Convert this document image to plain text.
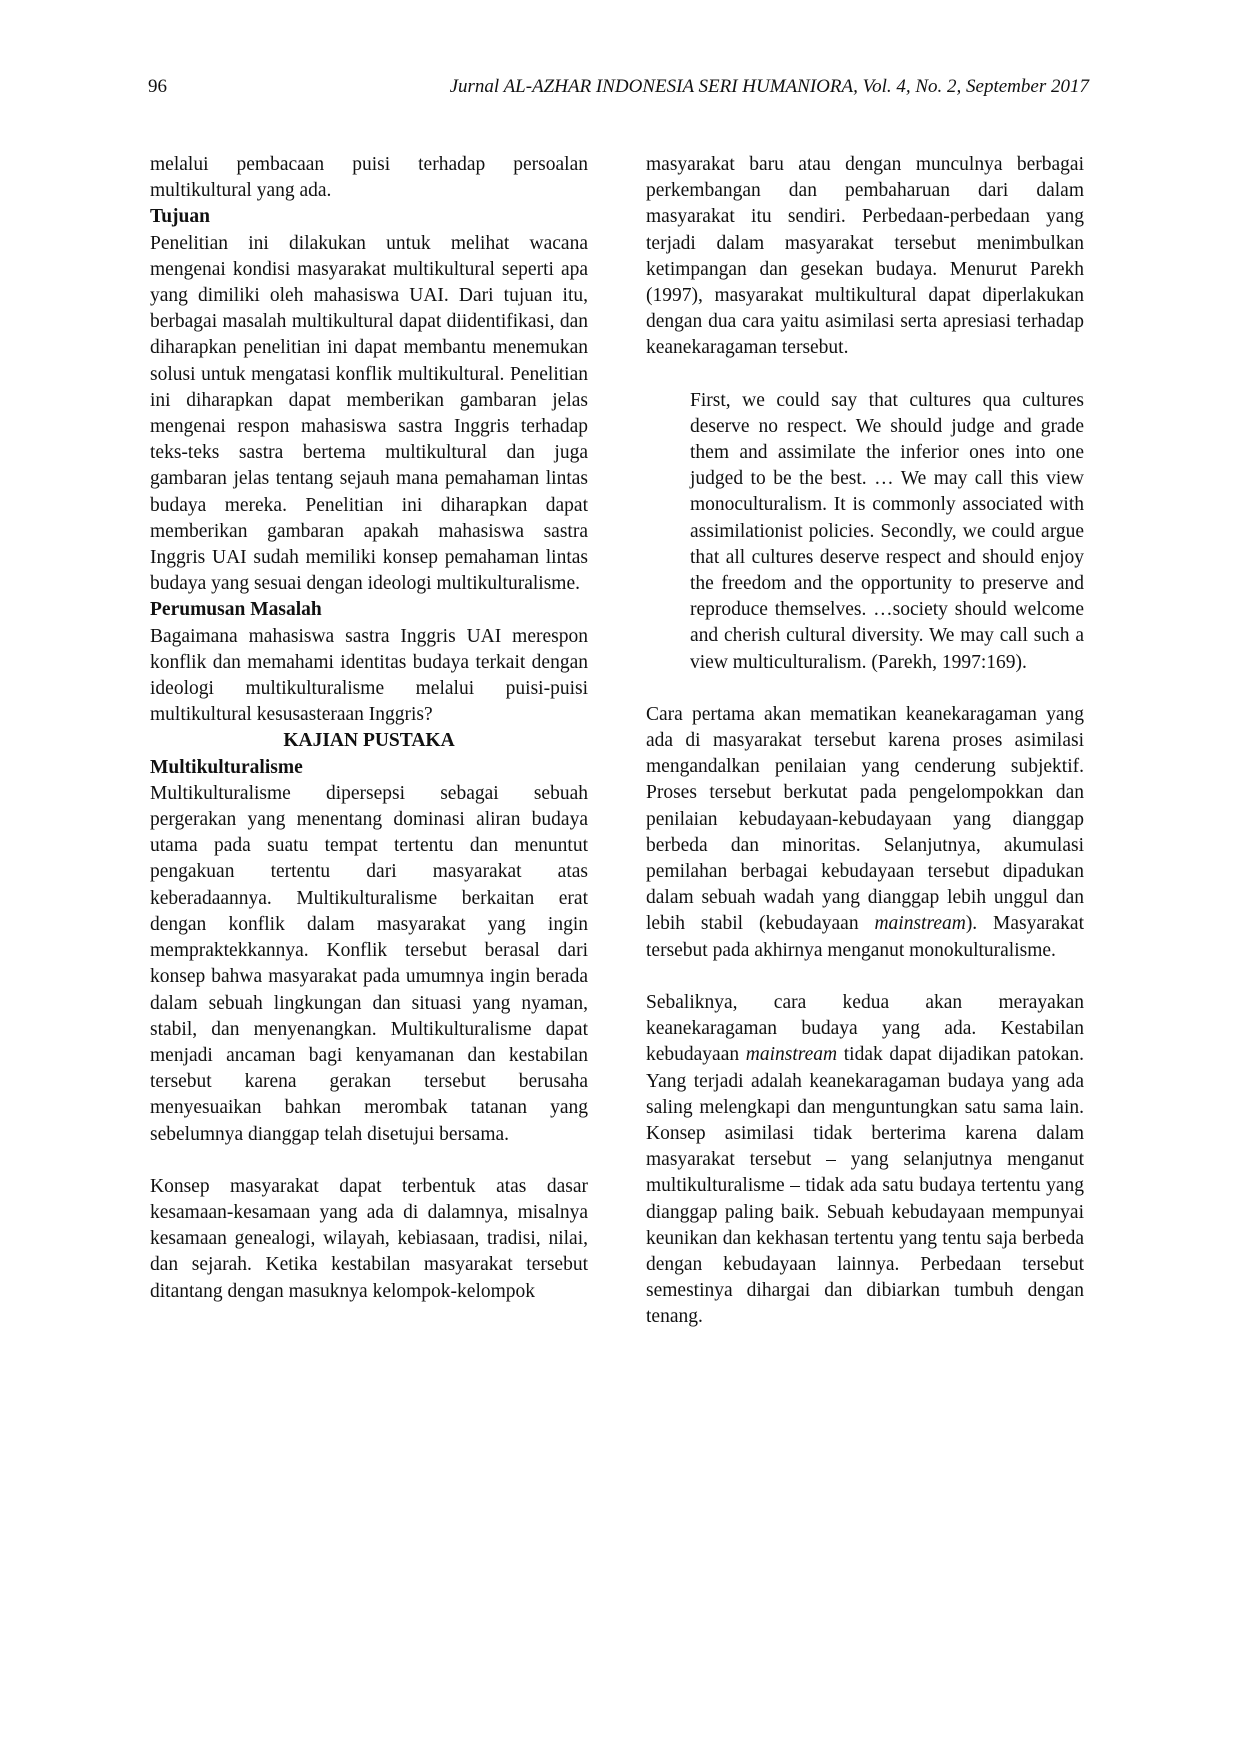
96	Jurnal AL-AZHAR INDONESIA SERI HUMANIORA, Vol. 4, No. 2, September 2017

melalui pembacaan puisi terhadap persoalan multikultural yang ada.

Tujuan

Penelitian ini dilakukan untuk melihat wacana mengenai kondisi masyarakat multikultural seperti apa yang dimiliki oleh mahasiswa UAI. Dari tujuan itu, berbagai masalah multikultural dapat diidentifikasi, dan diharapkan penelitian ini dapat membantu menemukan solusi untuk mengatasi konflik multikultural. Penelitian ini diharapkan dapat memberikan gambaran jelas mengenai respon mahasiswa sastra Inggris terhadap teks-teks sastra bertema multikultural dan juga gambaran jelas tentang sejauh mana pemahaman lintas budaya mereka. Penelitian ini diharapkan dapat memberikan gambaran apakah mahasiswa sastra Inggris UAI sudah memiliki konsep pemahaman lintas budaya yang sesuai dengan ideologi multikulturalisme.

Perumusan Masalah

Bagaimana mahasiswa sastra Inggris UAI merespon konflik dan memahami identitas budaya terkait dengan ideologi multikulturalisme melalui puisi-puisi multikultural kesusasteraan Inggris?

KAJIAN PUSTAKA

Multikulturalisme

Multikulturalisme dipersepsi sebagai sebuah pergerakan yang menentang dominasi aliran budaya utama pada suatu tempat tertentu dan menuntut pengakuan tertentu dari masyarakat atas keberadaannya. Multikulturalisme berkaitan erat dengan konflik dalam masyarakat yang ingin mempraktekkannya. Konflik tersebut berasal dari konsep bahwa masyarakat pada umumnya ingin berada dalam sebuah lingkungan dan situasi yang nyaman, stabil, dan menyenangkan. Multikulturalisme dapat menjadi ancaman bagi kenyamanan dan kestabilan tersebut karena gerakan tersebut berusaha menyesuaikan bahkan merombak tatanan yang sebelumnya dianggap telah disetujui bersama.

Konsep masyarakat dapat terbentuk atas dasar kesamaan-kesamaan yang ada di dalamnya, misalnya kesamaan genealogi, wilayah, kebiasaan, tradisi, nilai, dan sejarah. Ketika kestabilan masyarakat tersebut ditantang dengan masuknya kelompok-kelompok

masyarakat baru atau dengan munculnya berbagai perkembangan dan pembaharuan dari dalam masyarakat itu sendiri. Perbedaan-perbedaan yang terjadi dalam masyarakat tersebut menimbulkan ketimpangan dan gesekan budaya. Menurut Parekh (1997), masyarakat multikultural dapat diperlakukan dengan dua cara yaitu asimilasi serta apresiasi terhadap keanekaragaman tersebut.

First, we could say that cultures qua cultures deserve no respect. We should judge and grade them and assimilate the inferior ones into one judged to be the best. … We may call this view monoculturalism. It is commonly associated with assimilationist policies. Secondly, we could argue that all cultures deserve respect and should enjoy the freedom and the opportunity to preserve and reproduce themselves. …society should welcome and cherish cultural diversity. We may call such a view multiculturalism. (Parekh, 1997:169).

Cara pertama akan mematikan keanekaragaman yang ada di masyarakat tersebut karena proses asimilasi mengandalkan penilaian yang cenderung subjektif. Proses tersebut berkutat pada pengelompokkan dan penilaian kebudayaan-kebudayaan yang dianggap berbeda dan minoritas. Selanjutnya, akumulasi pemilahan berbagai kebudayaan tersebut dipadukan dalam sebuah wadah yang dianggap lebih unggul dan lebih stabil (kebudayaan mainstream). Masyarakat tersebut pada akhirnya menganut monokulturalisme.

Sebaliknya, cara kedua akan merayakan keanekaragaman budaya yang ada. Kestabilan kebudayaan mainstream tidak dapat dijadikan patokan. Yang terjadi adalah keanekaragaman budaya yang ada saling melengkapi dan menguntungkan satu sama lain. Konsep asimilasi tidak berterima karena dalam masyarakat tersebut – yang selanjutnya menganut multikulturalisme – tidak ada satu budaya tertentu yang dianggap paling baik. Sebuah kebudayaan mempunyai keunikan dan kekhasan tertentu yang tentu saja berbeda dengan kebudayaan lainnya. Perbedaan tersebut semestinya dihargai dan dibiarkan tumbuh dengan tenang.
